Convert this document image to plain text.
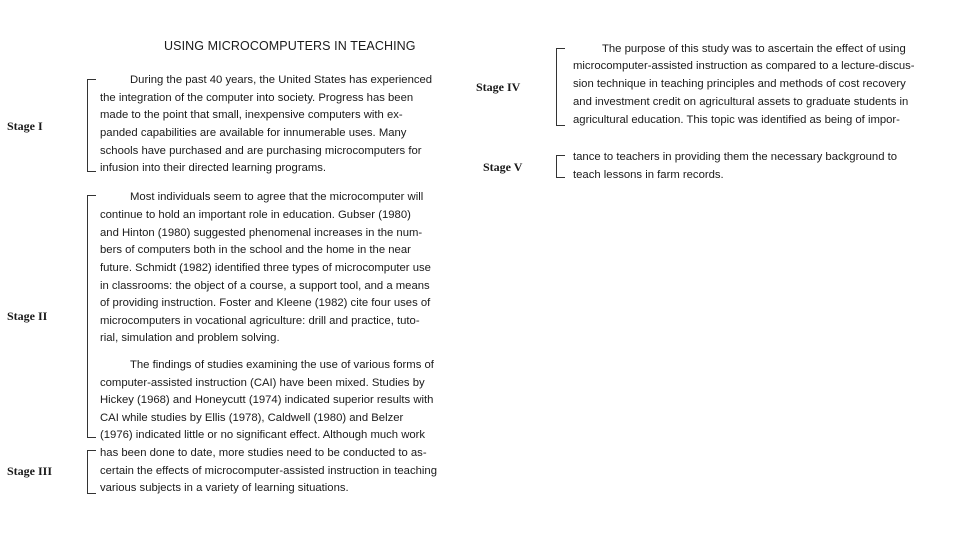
USING MICROCOMPUTERS IN TEACHING
Stage I
Stage II
Stage III
Stage IV
Stage V
During the past 40 years, the United States has experienced
the integration of the computer into society. Progress has been
made to the point that small, inexpensive computers with ex-
panded capabilities are available for innumerable uses. Many
schools have purchased and are purchasing microcomputers for
infusion into their directed learning programs.
Most individuals seem to agree that the microcomputer will
continue to hold an important role in education. Gubser (1980)
and Hinton (1980) suggested phenomenal increases in the num-
bers of computers both in the school and the home in the near
future. Schmidt (1982) identified three types of microcomputer use
in classrooms: the object of a course, a support tool, and a means
of providing instruction. Foster and Kleene (1982) cite four uses of
microcomputers in vocational agriculture: drill and practice, tuto-
rial, simulation and problem solving.
The findings of studies examining the use of various forms of
computer-assisted instruction (CAI) have been mixed. Studies by
Hickey (1968) and Honeycutt (1974) indicated superior results with
CAI while studies by Ellis (1978), Caldwell (1980) and Belzer
(1976) indicated little or no significant effect. Although much work
has been done to date, more studies need to be conducted to as-
certain the effects of microcomputer-assisted instruction in teaching
various subjects in a variety of learning situations.
The purpose of this study was to ascertain the effect of using
microcomputer-assisted instruction as compared to a lecture-discus-
sion technique in teaching principles and methods of cost recovery
and investment credit on agricultural assets to graduate students in
agricultural education. This topic was identified as being of impor-
tance to teachers in providing them the necessary background to
teach lessons in farm records.
